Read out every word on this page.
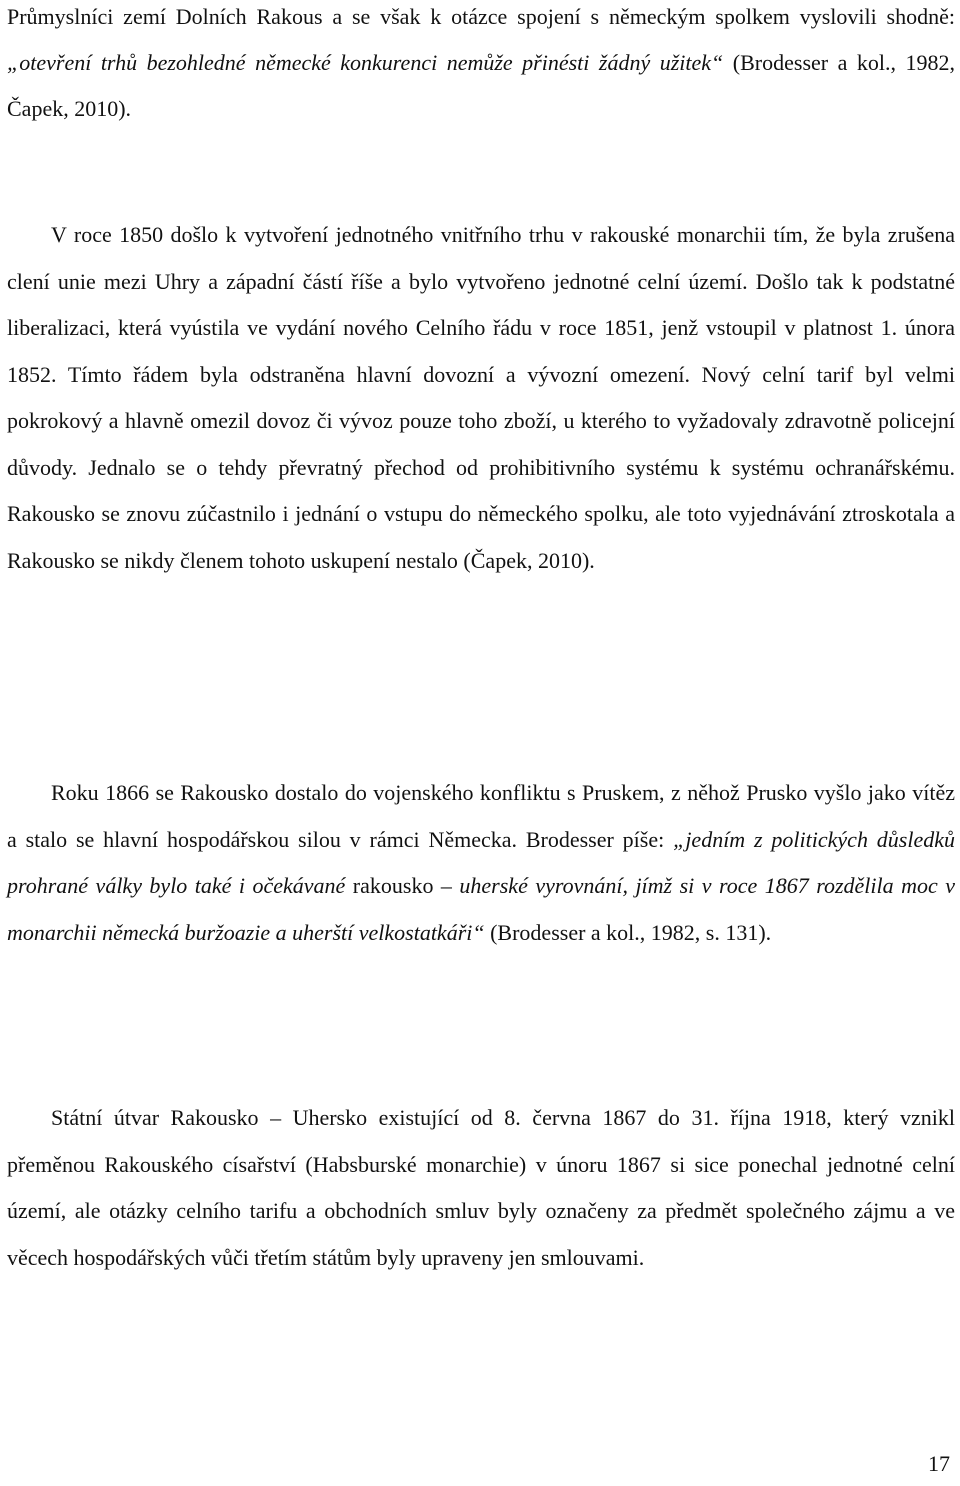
Průmyslníci zemí Dolních Rakous a se však k otázce spojení s německým spolkem vyslovili shodně: „otevření trhů bezohledné německé konkurenci nemůže přinésti žádný užitek“ (Brodesser a kol., 1982, Čapek, 2010).

V roce 1850 došlo k vytvoření jednotného vnitřního trhu v rakouské monarchii tím, že byla zrušena clení unie mezi Uhry a západní částí říše a bylo vytvořeno jednotné celní území. Došlo tak k podstatné liberalizaci, která vyústila ve vydání nového Celního řádu v roce 1851, jenž vstoupil v platnost 1. února 1852. Tímto řádem byla odstraněna hlavní dovozní a vývozní omezení. Nový celní tarif byl velmi pokrokový a hlavně omezil dovoz či vývoz pouze toho zboží, u kterého to vyžadovaly zdravotně policejní důvody. Jednalo se o tehdy převratný přechod od prohibitivního systému k systému ochranářskému. Rakousko se znovu zúčastnilo i jednání o vstupu do německého spolku, ale toto vyjednávání ztroskotala a Rakousko se nikdy členem tohoto uskupení nestalo (Čapek, 2010).

Roku 1866 se Rakousko dostalo do vojenského konfliktu s Pruskem, z něhož Prusko vyšlo jako vítěz a stalo se hlavní hospodářskou silou v rámci Německa. Brodesser píše: „jedním z politických důsledků prohrané války bylo také i očekávané rakousko – uherské vyrovnání, jímž si v roce 1867 rozdělila moc v monarchii německá buržoazie a uherští velkostatkáři“ (Brodesser a kol., 1982, s. 131).

Státní útvar Rakousko – Uhersko existující od 8. června 1867 do 31. října 1918, který vznikl přeměnou Rakouského císařství (Habsburské monarchie) v únoru 1867 si sice ponechal jednotné celní území, ale otázky celního tarifu a obchodních smluv byly označeny za předmět společného zájmu a ve věcech hospodářských vůči třetím státům byly upraveny jen smlouvami.

17
